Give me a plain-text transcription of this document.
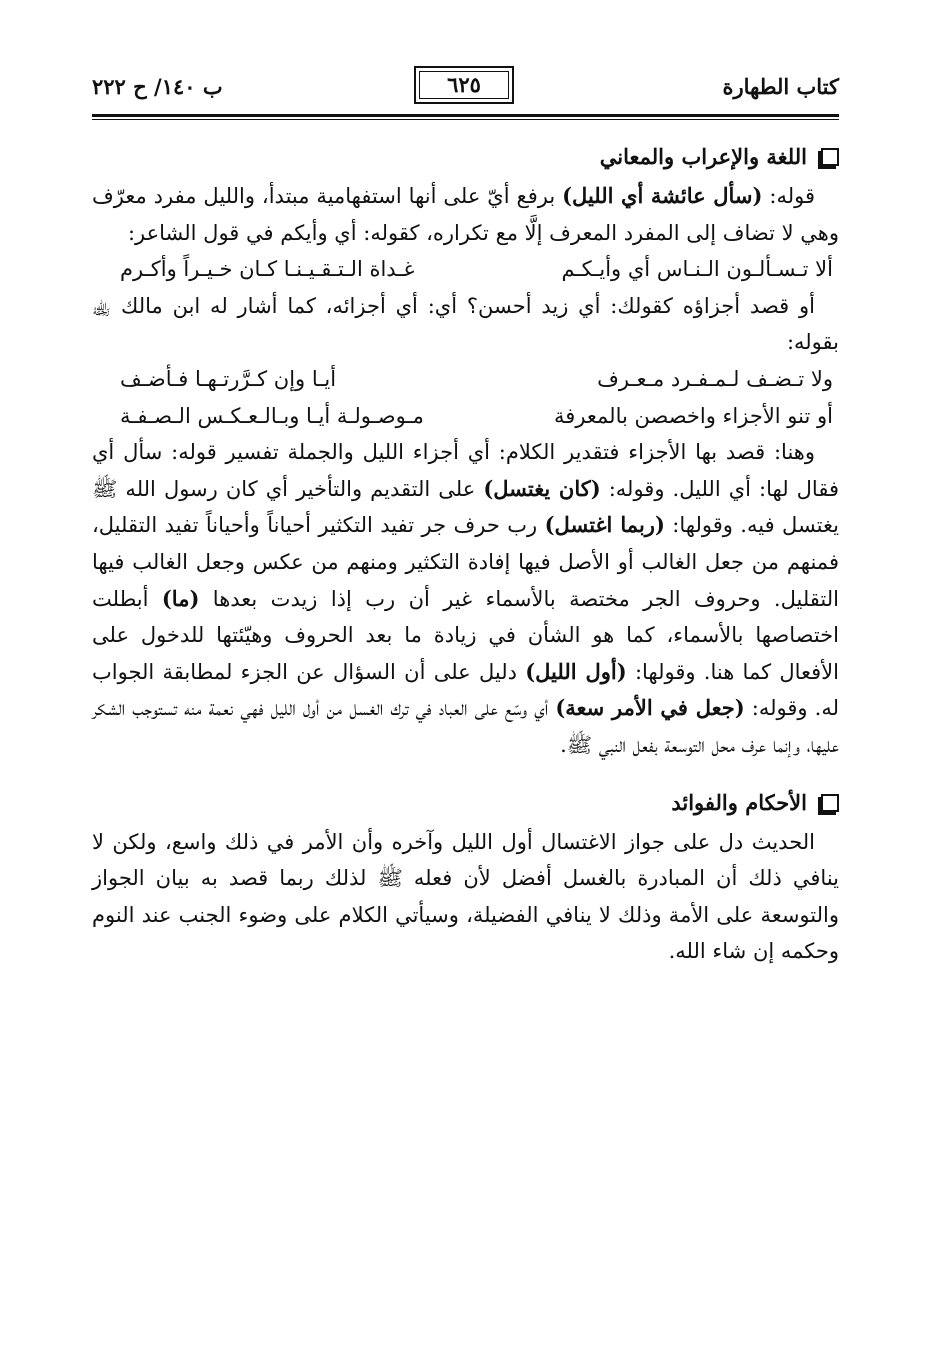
كتاب الطهارة
٦٢٥
ب ١٤٠/ ح ٢٢٢
اللغة والإعراب والمعاني

قوله: (سأل عائشة أي الليل) برفع أيّ على أنها استفهامية مبتدأ، والليل مفرد معرّف وهي لا تضاف إلى المفرد المعرف إلَّا مع تكراره، كقوله: أي وأيكم في قول الشاعر:

ألا تـسـألـون الـنـاس أي وأيـكـم
غـداة الـتـقـيـنـا كـان خـيـراً وأكـرم

أو قصد أجزاؤه كقولك: أي زيد أحسن؟ أي: أي أجزائه، كما أشار له ابن مالك ﵀ بقوله:

ولا تـضـف لـمـفـرد مـعـرف
أيـا وإن كـرَّرتـهـا فـأضـف
أو تنو الأجزاء واخصصن بالمعرفة
مـوصـولـة أيـا وبـالـعـكـس الـصـفـة

وهنا: قصد بها الأجزاء فتقدير الكلام: أي أجزاء الليل والجملة تفسير قوله: سأل أي فقال لها: أي الليل. وقوله: (كان يغتسل) على التقديم والتأخير أي كان رسول الله ﷺ يغتسل فيه. وقولها: (ربما اغتسل) رب حرف جر تفيد التكثير أحياناً وأحياناً تفيد التقليل، فمنهم من جعل الغالب أو الأصل فيها إفادة التكثير ومنهم من عكس وجعل الغالب فيها التقليل. وحروف الجر مختصة بالأسماء غير أن رب إذا زيدت بعدها (ما) أبطلت اختصاصها بالأسماء، كما هو الشأن في زيادة ما بعد الحروف وهيّئتها للدخول على الأفعال كما هنا. وقولها: (أول الليل) دليل على أن السؤال عن الجزء لمطابقة الجواب له. وقوله: (جعل في الأمر سعة) أي وسّع على العباد في ترك الغسل من أول الليل فهي نعمة منه تستوجب الشكر عليها، وإنما عرف محل التوسعة بفعل النبي ﷺ.

الأحكام والفوائد

الحديث دل على جواز الاغتسال أول الليل وآخره وأن الأمر في ذلك واسع، ولكن لا ينافي ذلك أن المبادرة بالغسل أفضل لأن فعله ﷺ لذلك ربما قصد به بيان الجواز والتوسعة على الأمة وذلك لا ينافي الفضيلة، وسيأتي الكلام على وضوء الجنب عند النوم وحكمه إن شاء الله.
